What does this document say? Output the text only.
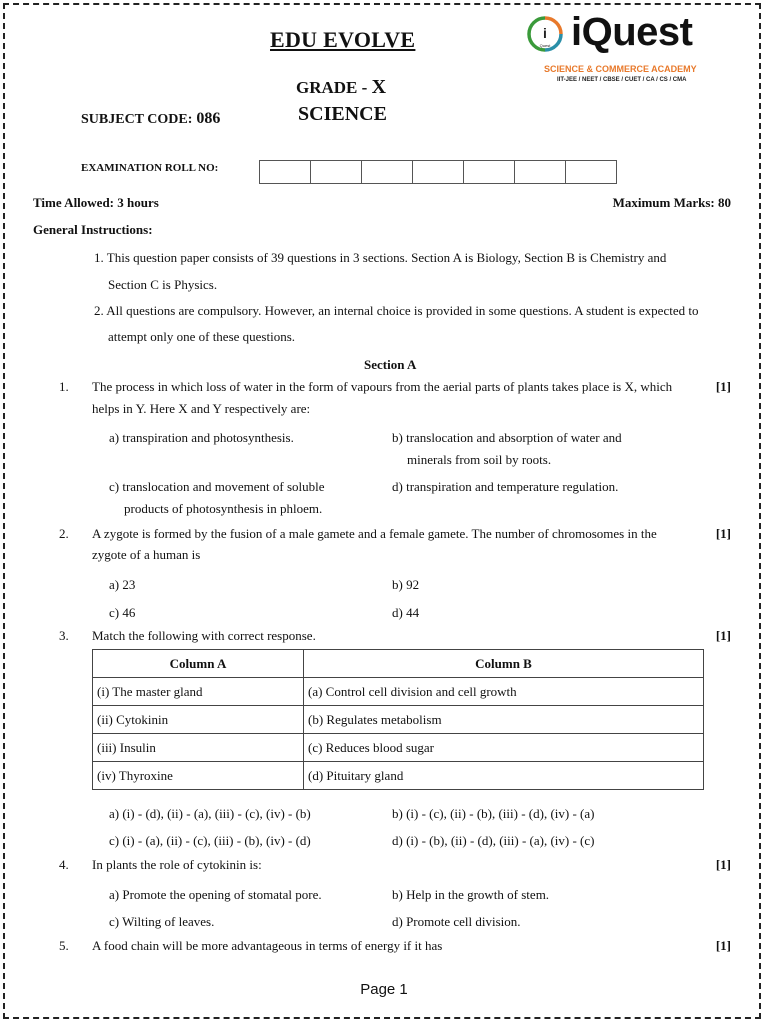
EDU EVOLVE
GRADE - X
SCIENCE
SUBJECT CODE: 086
EXAMINATION ROLL NO:
i
Quest iQuest
SCIENCE & COMMERCE ACADEMY
IIT-JEE / NEET / CBSE / CUET / CA / CS / CMA
Time Allowed: 3 hours	Maximum Marks: 80
General Instructions:
1. This question paper consists of 39 questions in 3 sections. Section A is Biology, Section B is Chemistry and
Section C is Physics.
2. All questions are compulsory. However, an internal choice is provided in some questions. A student is expected to
attempt only one of these questions.
Section A
1. The process in which loss of water in the form of vapours from the aerial parts of plants takes place is X, which
helps in Y. Here X and Y respectively are:
[1]
a) transpiration and photosynthesis.	b) translocation and absorption of water and
minerals from soil by roots.
c) translocation and movement of soluble
products of photosynthesis in phloem.
d) transpiration and temperature regulation.
2. A zygote is formed by the fusion of a male gamete and a female gamete. The number of chromosomes in the
zygote of a human is
[1]
a) 23	b) 92
c) 46	d) 44
3. Match the following with correct response.	[1]
Column A	Column B
(i) The master gland	(a) Control cell division and cell growth
(ii) Cytokinin	(b) Regulates metabolism
(iii) Insulin	(c) Reduces blood sugar
(iv) Thyroxine	(d) Pituitary gland
a) (i) - (d), (ii) - (a), (iii) - (c), (iv) - (b)	b) (i) - (c), (ii) - (b), (iii) - (d), (iv) - (a)
c) (i) - (a), (ii) - (c), (iii) - (b), (iv) - (d)	d) (i) - (b), (ii) - (d), (iii) - (a), (iv) - (c)
4. In plants the role of cytokinin is:	[1]
a) Promote the opening of stomatal pore.	b) Help in the growth of stem.
c) Wilting of leaves.	d) Promote cell division.
5. A food chain will be more advantageous in terms of energy if it has	[1]
Page 1
